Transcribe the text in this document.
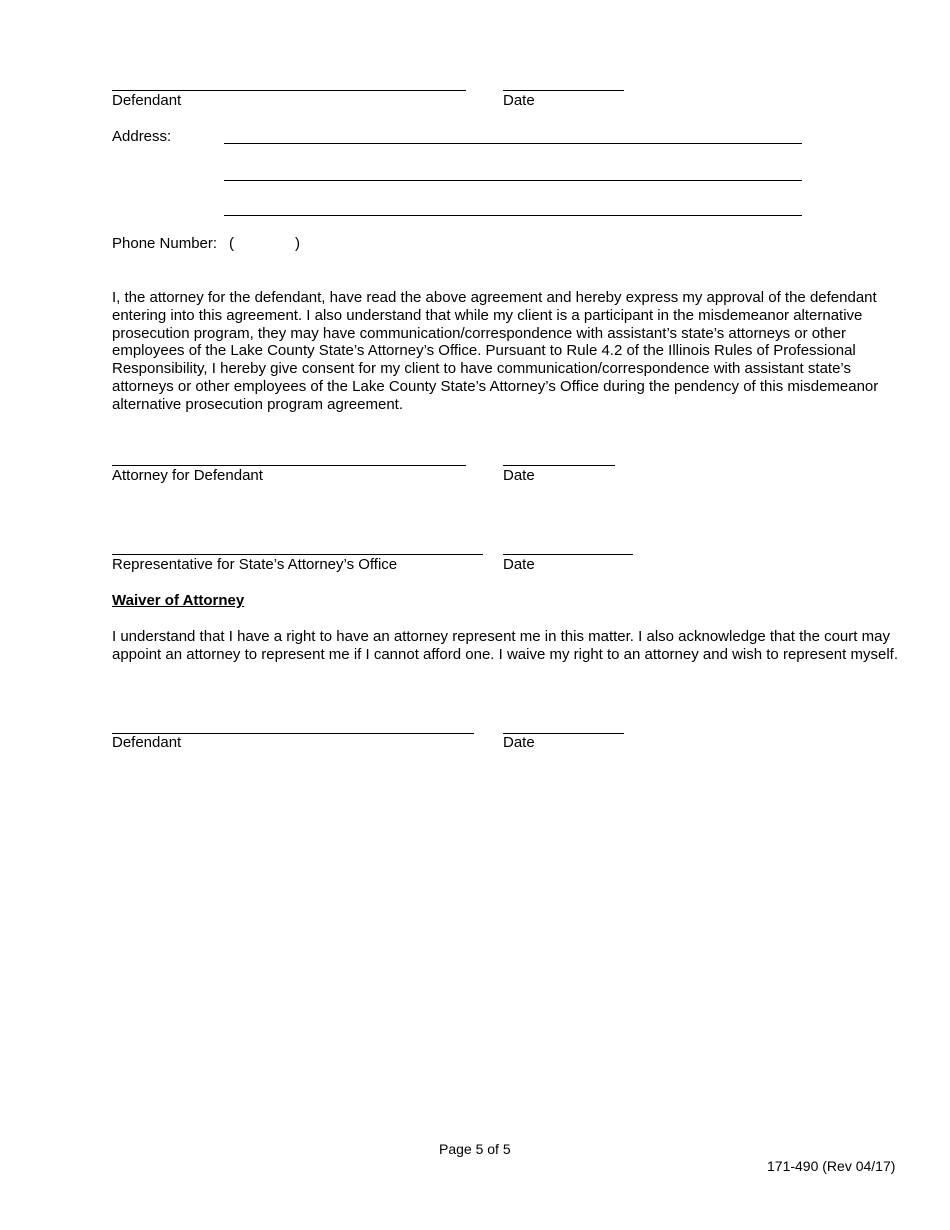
Defendant	Date
Address:
Phone Number: (	)
I, the attorney for the defendant, have read the above agreement and hereby express my approval of the defendant entering into this agreement. I also understand that while my client is a participant in the misdemeanor alternative prosecution program, they may have communication/correspondence with assistant’s state’s attorneys or other employees of the Lake County State’s Attorney’s Office. Pursuant to Rule 4.2 of the Illinois Rules of Professional Responsibility, I hereby give consent for my client to have communication/correspondence with assistant state’s attorneys or other employees of the Lake County State’s Attorney’s Office during the pendency of this misdemeanor alternative prosecution program agreement.
Attorney for Defendant	Date
Representative for State’s Attorney’s Office	Date
Waiver of Attorney
I understand that I have a right to have an attorney represent me in this matter. I also acknowledge that the court may appoint an attorney to represent me if I cannot afford one. I waive my right to an attorney and wish to represent myself.
Defendant	Date
Page 5 of 5
171-490 (Rev 04/17)
